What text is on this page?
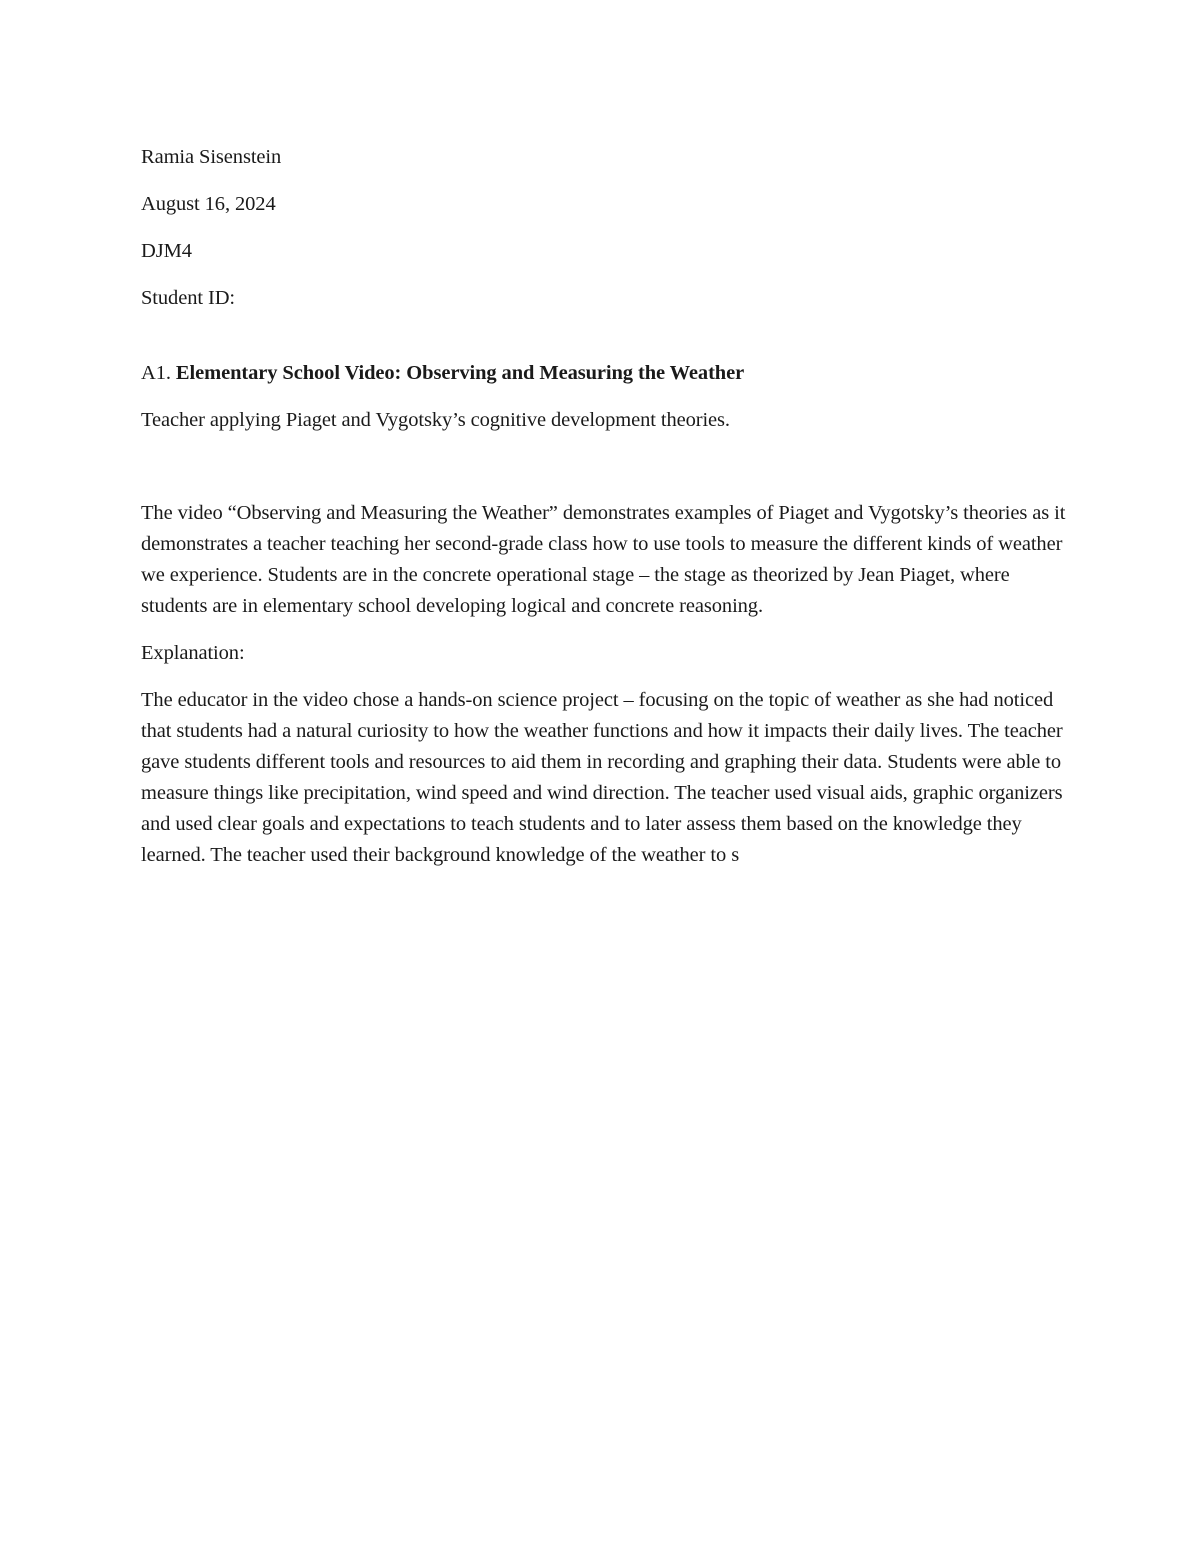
Ramia Sisenstein

August 16, 2024

DJM4

Student ID:

A1. Elementary School Video: Observing and Measuring the Weather

Teacher applying Piaget and Vygotsky’s cognitive development theories.

The video “Observing and Measuring the Weather” demonstrates examples of Piaget and Vygotsky’s theories as it demonstrates a teacher teaching her second-grade class how to use tools to measure the different kinds of weather we experience. Students are in the concrete operational stage – the stage as theorized by Jean Piaget, where students are in elementary school developing logical and concrete reasoning.

Explanation:

The educator in the video chose a hands-on science project – focusing on the topic of weather as she had noticed that students had a natural curiosity to how the weather functions and how it impacts their daily lives. The teacher gave students different tools and resources to aid them in recording and graphing their data. Students were able to measure things like precipitation, wind speed and wind direction. The teacher used visual aids, graphic organizers and used clear goals and expectations to teach students and to later assess them based on the knowledge they learned. The teacher used their background knowledge of the weather to s
